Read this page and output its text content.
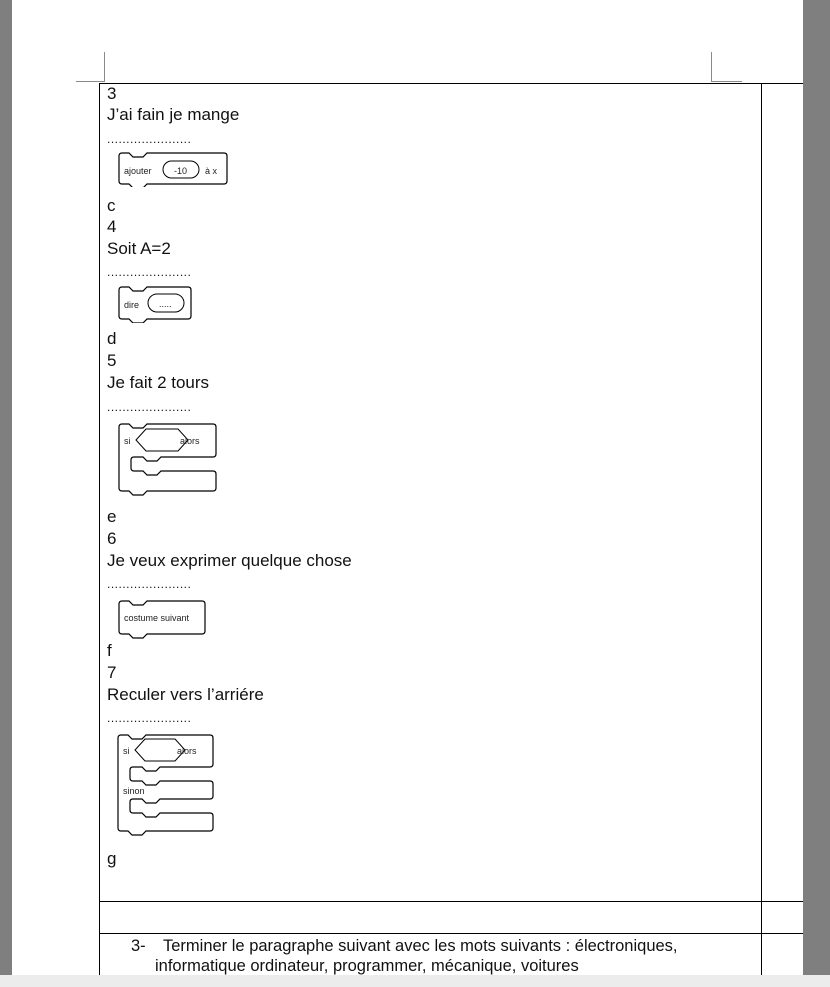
3
J’ai fain je mange
......................
ajouter -10 à x
c
4
Soit A=2
......................
dire .....
d
5
Je fait 2 tours
......................
si	alors
e
6
Je veux exprimer quelque chose
......................
costume suivant
f
7
Reculer vers l’arriére
......................
si	alors
sinon
g
3- Terminer le paragraphe suivant avec les mots suivants : électroniques,
informatique ordinateur, programmer, mécanique, voitures
